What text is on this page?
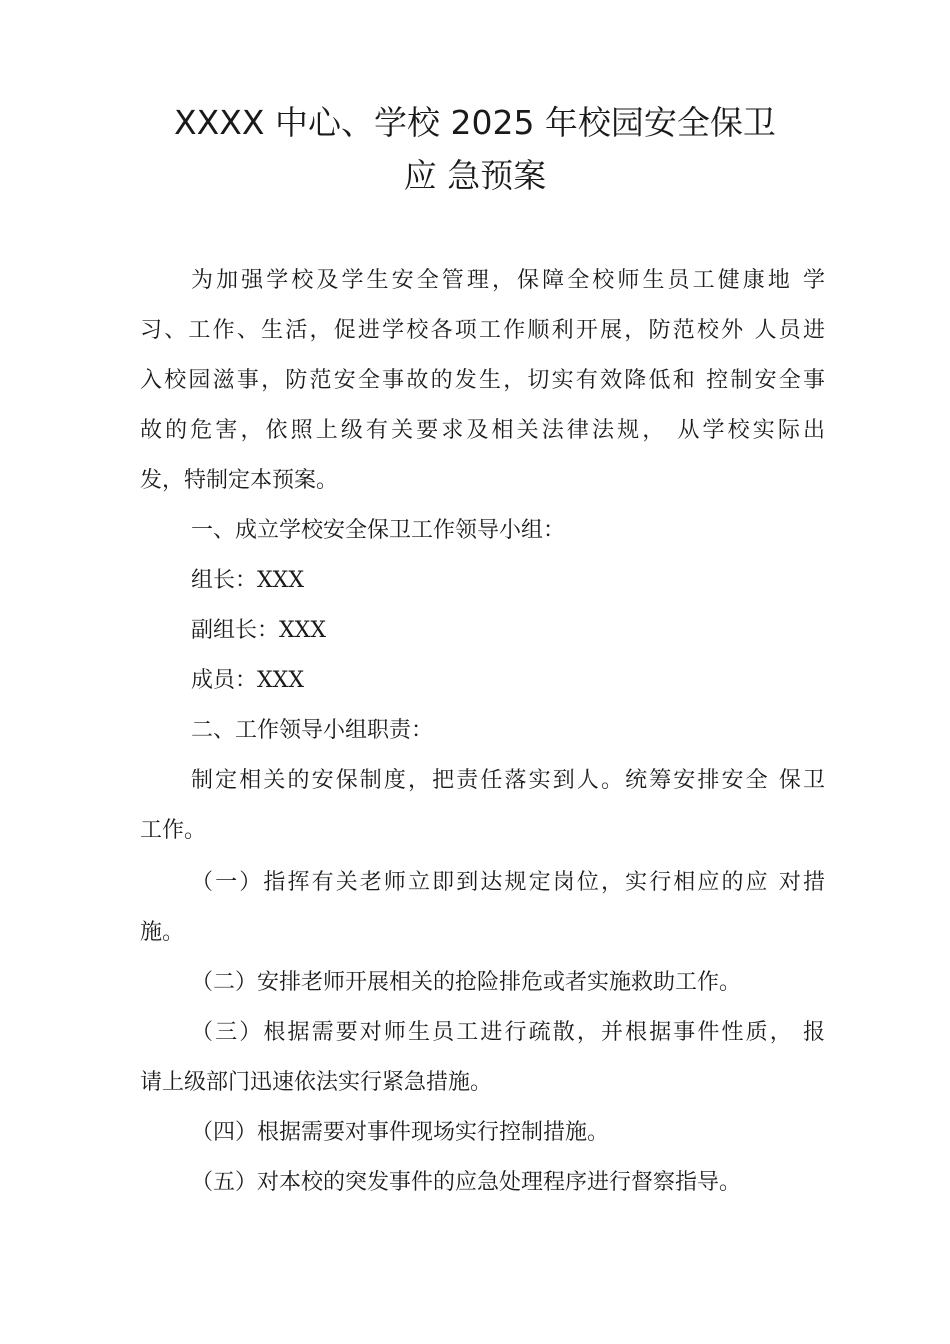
XXXX 中心、学校 2025 年校园安全保卫
应 急预案
为加强学校及学生安全管理，保障全校师生员工健康地 学
习、工作、生活，促进学校各项工作顺利开展，防范校外 人员进
入校园滋事，防范安全事故的发生，切实有效降低和 控制安全事
故的危害，依照上级有关要求及相关法律法规， 从学校实际出
发，特制定本预案。
一、成立学校安全保卫工作领导小组：
组长：XXX
副组长：XXX
成员：XXX
二、工作领导小组职责：
制定相关的安保制度，把责任落实到人。统筹安排安全 保卫
工作。
（一）指挥有关老师立即到达规定岗位，实行相应的应 对措
施。
（二）安排老师开展相关的抢险排危或者实施救助工作。
（三）根据需要对师生员工进行疏散，并根据事件性质， 报
请上级部门迅速依法实行紧急措施。
（四）根据需要对事件现场实行控制措施。
（五）对本校的突发事件的应急处理程序进行督察指导。
